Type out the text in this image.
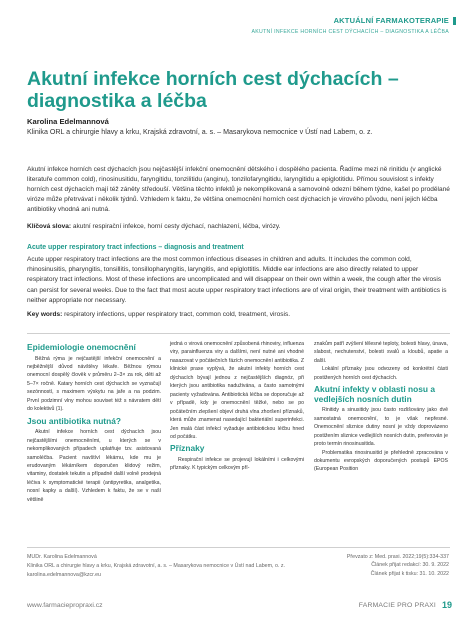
AKTUÁLNÍ FARMAKOTERAPIE
AKUTNÍ INFEKCE HORNÍCH CEST DÝCHACÍCH – DIAGNOSTIKA A LÉČBA
Akutní infekce horních cest dýchacích – diagnostika a léčba
Karolina Edelmannová
Klinika ORL a chirurgie hlavy a krku, Krajská zdravotní, a. s. – Masarykova nemocnice v Ústí nad Labem, o. z.

Akutní infekce horních cest dýchacích jsou nejčastější infekční onemocnění dětského i dospělého pacienta. Řadíme mezi ně rinitidu (v anglické literatuře common cold), rinosinusitidu, faryngitidu, tonzilitidu (anginu), tonzilofaryngitidu, laryngitidu a epiglotitidu. Přímou souvislost s infekty horních cest dýchacích mají též záněty středouší. Většina těchto infektů je nekomplikovaná a samovolně odezní během týdne, kašel po prodělané viróze může přetrvávat i několik týdnů. Vzhledem k faktu, že většina onemocnění horních cest dýchacích je virového původu, není jejich léčba antibiotiky vhodná ani nutná.

Klíčová slova: akutní respirační infekce, horní cesty dýchací, nachlazení, léčba, virózy.

Acute upper respiratory tract infections – diagnosis and treatment

Acute upper respiratory tract infections are the most common infectious diseases in children and adults. It includes the common cold, rhinosinusitis, pharyngitis, tonsillitis, tonsillopharyngitis, laryngitis, and epiglottitis. Middle ear infections are also directly related to upper respiratory tract infections. Most of these infections are uncomplicated and will disappear on their own within a week, the cough after the virosis can persist for several weeks. Due to the fact that most acute upper respiratory tract infections are of viral origin, their treatment with antibiotics is neither appropriate nor necessary.

Key words: respiratory infections, upper respiratory tract, common cold, treatment, virosis.

Epidemiologie onemocnění

Běžná rýma je nejčastější infekční onemocnění a nejběžnější důvod návštěvy lékaře. Běžnou rýmou onemocní dospělý člověk v průměru 2–3× za rok, děti až 5–7× ročně. Katary horních cest dýchacích se vyznačují sezónností, s maximem výskytu na jaře a na podzim. První podzimní vlny mohou souviset též s návratem dětí do kolektivů (1).

Jsou antibiotika nutná?

Akutní infekce horních cest dýchacích jsou nejčastějšími onemocněními, u kterých se v nekomplikovaných případech uplatňuje tzv. asistovaná samoléčba. Pacient navštíví lékárnu, kde mu je erudovaným lékárníkem doporučen klidový režim, vitaminy, dostatek tekutin a případně další volně prodejná léčiva k symptomatické terapii (antipyretika, analgetika, nosní kapky a další). Vzhledem k faktu, že se v naší většině

jedná o virová onemocnění způsobená rhinoviry, influenza viry, parainfluenza viry a dalšími, není nutné ani vhodné nasazovat v počátečních fázích onemocnění antibiotika. Z klinické praxe vyplývá, že akutní infekty horních cest dýchacích bývají jednou z nejčastějších diagnóz, při kterých jsou antibiotika naduživána, a často samotnými pacienty vyžadována. Antibiotická léčba se doporučuje až v případě, kdy je onemocnění těžké, nebo se po počátečním zlepšení objeví druhá vlna zhoršení příznaků, která může znamenat nasedající bakteriální superinfekci. Jen malá část infekcí vyžaduje antibiotickou léčbu hned od počátku.

Příznaky

Respirační infekce se projevují lokálními i celkovými příznaky. K typickým celkovým pří-

znakům patří zvýšení tělesné teploty, bolesti hlavy, únava, slabost, nechutenství, bolesti svalů a kloubů, apatie a další.

Lokální příznaky jsou odvozeny od konkrétní části postižených horních cest dýchacích.

Akutní infekty v oblasti nosu a vedlejších nosních dutin

Rinitidy a sinusitidy jsou často rozlišovány jako dvě samostatná onemocnění, to je však nepřesné. Onemocnění sliznice dutiny nosní je vždy doprovázeno postižením sliznice vedlejších nosních dutin, preferován je proto termín rinosinusitida.

Problematika rinosinusitid je přehledně zpracována v dokumentu evropských doporučených postupů EPOS (European Position

MUDr. Karolina Edelmannová
Klinika ORL a chirurgie hlavy a krku, Krajská zdravotní, a. s. – Masarykova nemocnice v Ústí nad Labem, o. z.
karolina.edelmannova@kzcr.eu
Převzato z: Med. praxi. 2022;19(5):334-337
Článek přijat redakcí: 30. 9. 2022
Článek přijat k tisku: 31. 10. 2022
www.farmaciepropraxi.cz	FARMACIE PRO PRAXI 19
